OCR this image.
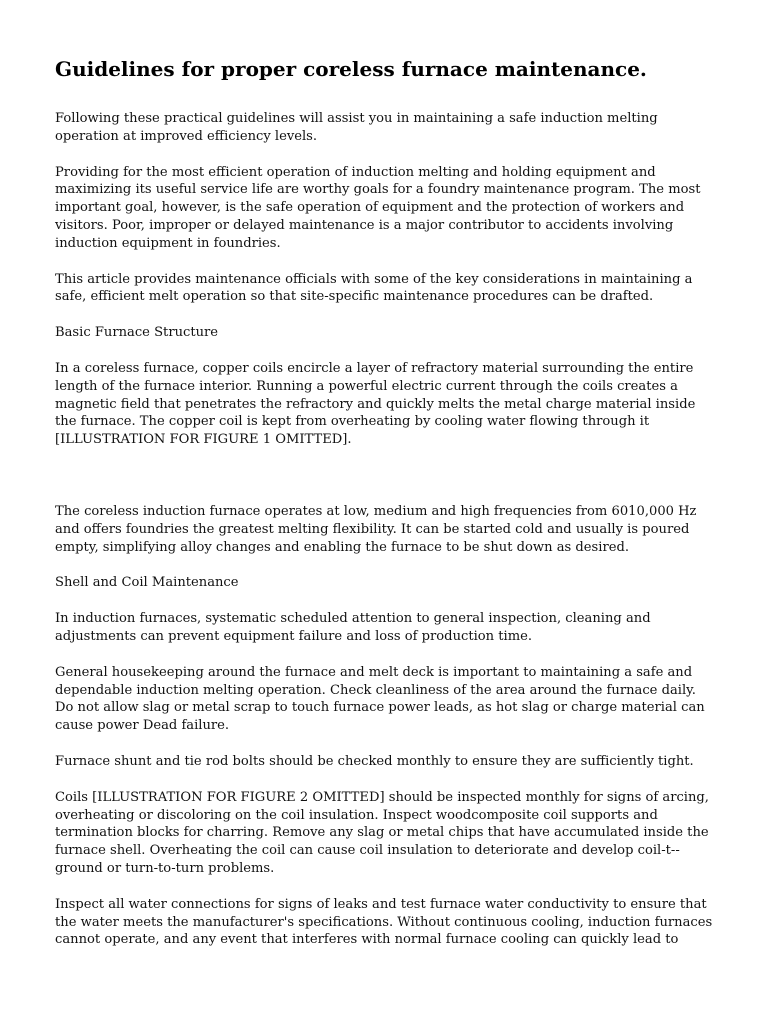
Guidelines for proper coreless furnace maintenance.

Following these practical guidelines will assist you in maintaining a safe induction melting operation at improved efficiency levels.

Providing for the most efficient operation of induction melting and holding equipment and maximizing its useful service life are worthy goals for a foundry maintenance program. The most important goal, however, is the safe operation of equipment and the protection of workers and visitors. Poor, improper or delayed maintenance is a major contributor to accidents involving induction equipment in foundries.

This article provides maintenance officials with some of the key considerations in maintaining a safe, efficient melt operation so that site-specific maintenance procedures can be drafted.

Basic Furnace Structure

In a coreless furnace, copper coils encircle a layer of refractory material surrounding the entire length of the furnace interior. Running a powerful electric current through the coils creates a magnetic field that penetrates the refractory and quickly melts the metal charge material inside the furnace. The copper coil is kept from overheating by cooling water flowing through it [ILLUSTRATION FOR FIGURE 1 OMITTED].

The coreless induction furnace operates at low, medium and high frequencies from 6010,000 Hz and offers foundries the greatest melting flexibility. It can be started cold and usually is poured empty, simplifying alloy changes and enabling the furnace to be shut down as desired.

Shell and Coil Maintenance

In induction furnaces, systematic scheduled attention to general inspection, cleaning and adjustments can prevent equipment failure and loss of production time.

General housekeeping around the furnace and melt deck is important to maintaining a safe and dependable induction melting operation. Check cleanliness of the area around the furnace daily. Do not allow slag or metal scrap to touch furnace power leads, as hot slag or charge material can cause power Dead failure.

Furnace shunt and tie rod bolts should be checked monthly to ensure they are sufficiently tight.

Coils [ILLUSTRATION FOR FIGURE 2 OMITTED] should be inspected monthly for signs of arcing, overheating or discoloring on the coil insulation. Inspect woodcomposite coil supports and termination blocks for charring. Remove any slag or metal chips that have accumulated inside the furnace shell. Overheating the coil can cause coil insulation to deteriorate and develop coil-t--ground or turn-to-turn problems.

Inspect all water connections for signs of leaks and test furnace water conductivity to ensure that the water meets the manufacturer's specifications. Without continuous cooling, induction furnaces cannot operate, and any event that interferes with normal furnace cooling can quickly lead to
